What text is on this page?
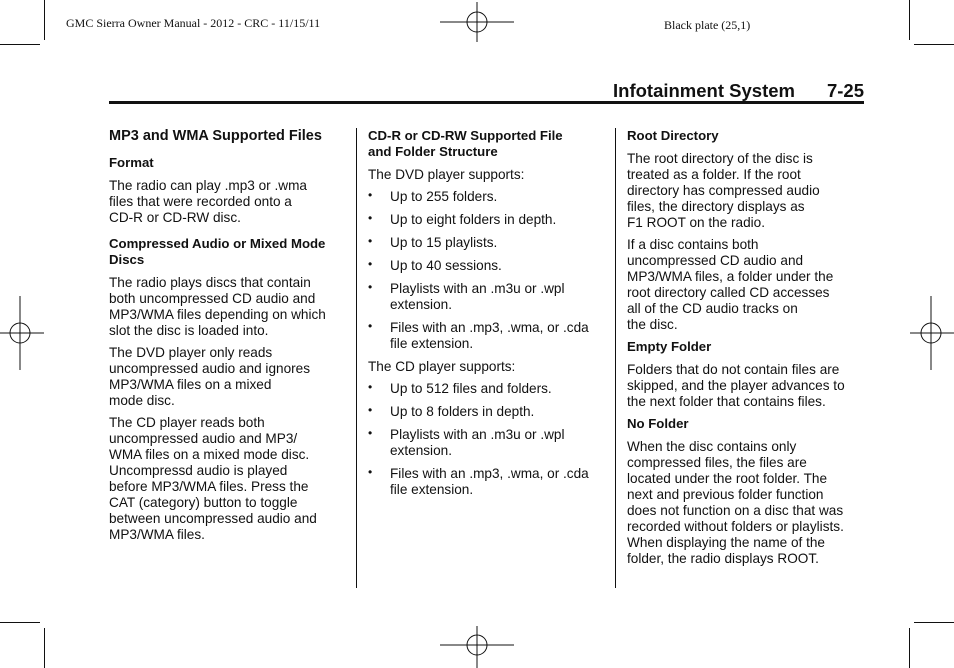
GMC Sierra Owner Manual - 2012 - CRC - 11/15/11	Black plate (25,1)
Infotainment System 7-25
MP3 and WMA Supported Files
Format
The radio can play .mp3 or .wma
files that were recorded onto a
CD-R or CD-RW disc.
Compressed Audio or Mixed Mode
Discs
The radio plays discs that contain
both uncompressed CD audio and
MP3/WMA files depending on which
slot the disc is loaded into.
The DVD player only reads
uncompressed audio and ignores
MP3/WMA files on a mixed
mode disc.
The CD player reads both
uncompressed audio and MP3/
WMA files on a mixed mode disc.
Uncompressd audio is played
before MP3/WMA files. Press the
CAT (category) button to toggle
between uncompressed audio and
MP3/WMA files.
CD-R or CD-RW Supported File
and Folder Structure
The DVD player supports:
• Up to 255 folders.
• Up to eight folders in depth.
• Up to 15 playlists.
• Up to 40 sessions.
• Playlists with an .m3u or .wpl
extension.
• Files with an .mp3, .wma, or .cda
file extension.
The CD player supports:
• Up to 512 files and folders.
• Up to 8 folders in depth.
• Playlists with an .m3u or .wpl
extension.
• Files with an .mp3, .wma, or .cda
file extension.
Root Directory
The root directory of the disc is
treated as a folder. If the root
directory has compressed audio
files, the directory displays as
F1 ROOT on the radio.
If a disc contains both
uncompressed CD audio and
MP3/WMA files, a folder under the
root directory called CD accesses
all of the CD audio tracks on
the disc.
Empty Folder
Folders that do not contain files are
skipped, and the player advances to
the next folder that contains files.
No Folder
When the disc contains only
compressed files, the files are
located under the root folder. The
next and previous folder function
does not function on a disc that was
recorded without folders or playlists.
When displaying the name of the
folder, the radio displays ROOT.
